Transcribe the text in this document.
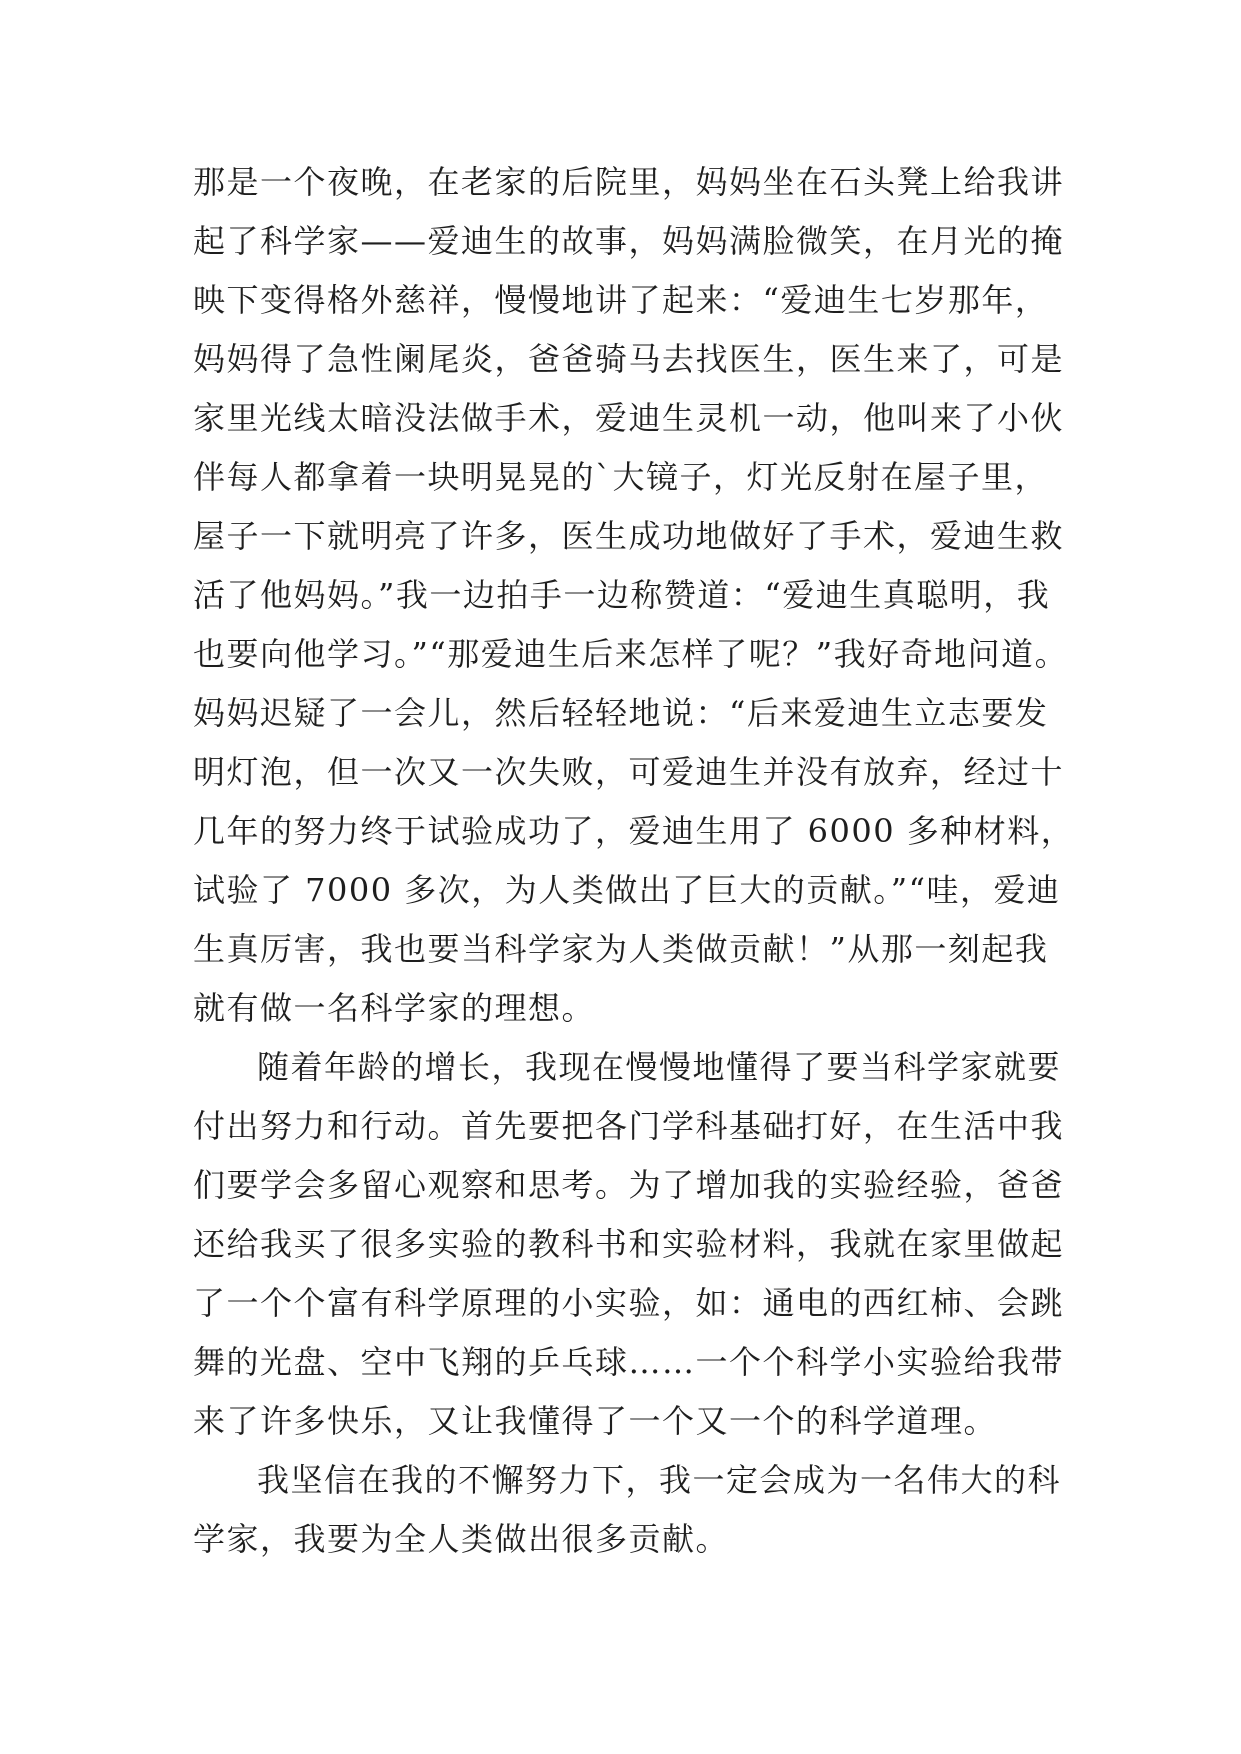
那是一个夜晚，在老家的后院里，妈妈坐在石头凳上给我讲
起了科学家——爱迪生的故事，妈妈满脸微笑，在月光的掩
映下变得格外慈祥，慢慢地讲了起来：“爱迪生七岁那年，
妈妈得了急性阑尾炎，爸爸骑马去找医生，医生来了，可是
家里光线太暗没法做手术，爱迪生灵机一动，他叫来了小伙
伴每人都拿着一块明晃晃的`大镜子，灯光反射在屋子里，
屋子一下就明亮了许多，医生成功地做好了手术，爱迪生救
活了他妈妈。”我一边拍手一边称赞道：“爱迪生真聪明，我
也要向他学习。”“那爱迪生后来怎样了呢？”我好奇地问道。
妈妈迟疑了一会儿，然后轻轻地说：“后来爱迪生立志要发
明灯泡，但一次又一次失败，可爱迪生并没有放弃，经过十
几年的努力终于试验成功了，爱迪生用了 6000 多种材料，
试验了 7000 多次，为人类做出了巨大的贡献。”“哇，爱迪
生真厉害，我也要当科学家为人类做贡献！”从那一刻起我
就有做一名科学家的理想。
随着年龄的增长，我现在慢慢地懂得了要当科学家就要
付出努力和行动。首先要把各门学科基础打好，在生活中我
们要学会多留心观察和思考。为了增加我的实验经验，爸爸
还给我买了很多实验的教科书和实验材料，我就在家里做起
了一个个富有科学原理的小实验，如：通电的西红柿、会跳
舞的光盘、空中飞翔的乒乓球……一个个科学小实验给我带
来了许多快乐，又让我懂得了一个又一个的科学道理。
我坚信在我的不懈努力下，我一定会成为一名伟大的科
学家，我要为全人类做出很多贡献。
